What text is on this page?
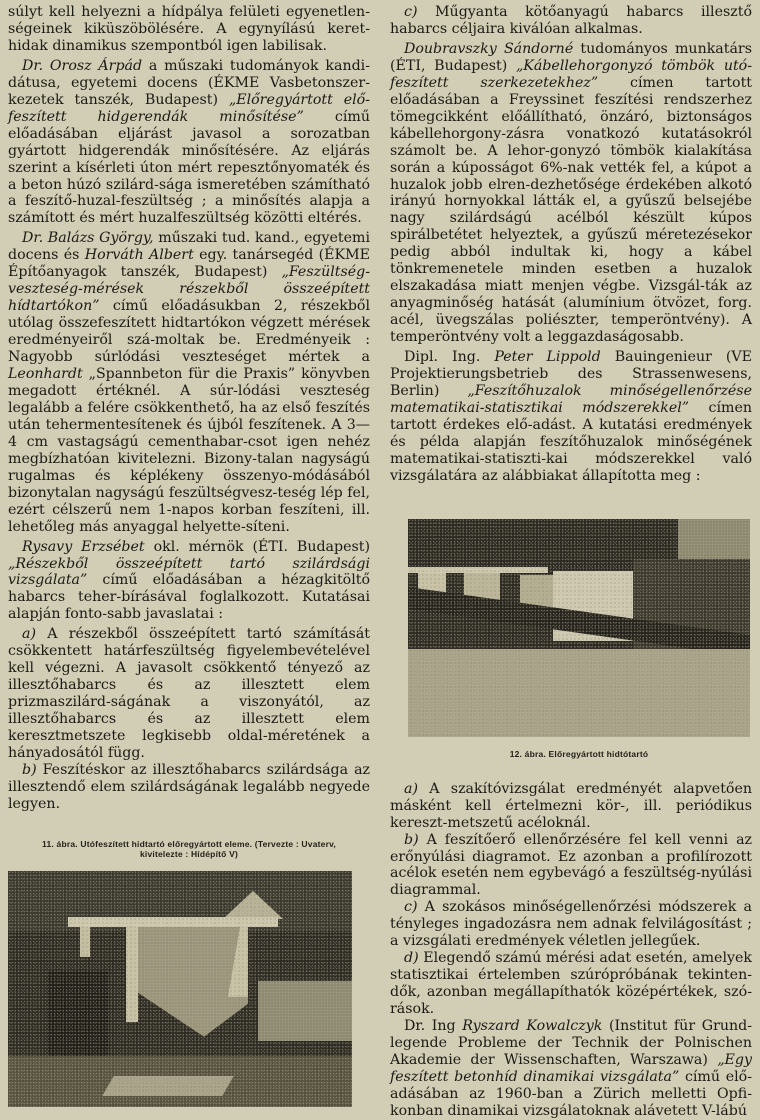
súlyt kell helyezni a hídpálya felületi egyenetlen-ségeinek kiküszöbölésére. A egynyílású keret-hidak dinamikus szempontból igen labilisak.

Dr. Orosz Árpád a műszaki tudományok kandi-dátusa, egyetemi docens (ÉKME Vasbetonszer-kezetek tanszék, Budapest) „Előregyártott elő-feszített hidgerendák minősítése” című előadásában eljárást javasol a sorozatban gyártott hidgerendák minősítésére. Az eljárás szerint a kísérleti úton mért repesztőnyomaték és a beton húzó szilárd-sága ismeretében számítható a feszítő-huzal-feszültség ; a minősítés alapja a számított és mért huzalfeszültség közötti eltérés.

Dr. Balázs György, műszaki tud. kand., egyetemi docens és Horváth Albert egy. tanársegéd (ÉKME Építőanyagok tanszék, Budapest) „Feszültség-veszteség-mérések részekből összeépített hídtartókon” című előadásukban 2, részekből utólag összefeszített hidtartókon végzett mérések eredményeiről szá-moltak be. Eredményeik : Nagyobb súrlódási veszteséget mértek a Leonhardt „Spannbeton für die Praxis” könyvben megadott értéknél. A súr-lódási veszteség legalább a felére csökkenthető, ha az első feszítés után tehermentesítenek és újból feszítenek. A 3—4 cm vastagságú cementhabar-csot igen nehéz megbízhatóan kivitelezni. Bizony-talan nagyságú rugalmas és képlékeny összenyo-módásából bizonytalan nagyságú feszültségvesz-teség lép fel, ezért célszerű nem 1-napos korban feszíteni, ill. lehetőleg más anyaggal helyette-síteni.

Rysavy Erzsébet okl. mérnök (ÉTI. Budapest) „Részekből összeépített tartó szilárdsági vizsgálata” című előadásában a hézagkitöltő habarcs teher-bírásával foglalkozott. Kutatásai alapján fonto-sabb javaslatai :

a) A részekből összeépített tartó számítását csökkentett határfeszültség figyelembevételével kell végezni. A javasolt csökkentő tényező az illesztőhabarcs és az illesztett elem prizmaszilárd-ságának a viszonyától, az illesztőhabarcs és az illesztett elem keresztmetszete legkisebb oldal-méretének a hányadosától függ.

b) Feszítéskor az illesztőhabarcs szilárdsága az illesztendő elem szilárdságának legalább negyede legyen.

11. ábra. Utófeszített hidtartó előregyártott eleme. (Tervezte : Uvaterv,
kivitelezte : Hídépítő V)

c) Műgyanta kötőanyagú habarcs illesztő habarcs céljaira kiválóan alkalmas.

Doubravszky Sándorné tudományos munkatárs (ÉTI, Budapest) „Kábellehorgonyzó tömbök utó-feszített szerkezetekhez” címen tartott előadásában a Freyssinet feszítési rendszerhez tömegcikként előállítható, önzáró, biztonságos kábellehorgony-zásra vonatkozó kutatásokról számolt be. A lehor-gonyzó tömbök kialakítása során a kúposságot 6%-nak vették fel, a kúpot a huzalok jobb elren-dezhetősége érdekében alkotó irányú hornyokkal látták el, a gyűszű belsejébe nagy szilárdságú acélból készült kúpos spirálbetétet helyeztek, a gyűszű méretezésekor pedig abból indultak ki, hogy a kábel tönkremenetele minden esetben a huzalok elszakadása miatt menjen végbe. Vizsgál-ták az anyagminőség hatását (alumínium ötvözet, forg. acél, üvegszálas poliészter, temperöntvény). A temperöntvény volt a leggazdaságosabb.

Dipl. Ing. Peter Lippold Bauingenieur (VE Projektierungsbetrieb des Strassenwesens, Berlin) „Feszítőhuzalok minőségellenőrzése matematikai-statisztikai módszerekkel” címen tartott érdekes elő-adást. A kutatási eredmények és példa alapján feszítőhuzalok minőségének matematikai-statiszti-kai módszerekkel való vizsgálatára az alábbiakat állapította meg :

12. ábra. Előregyártott hidtótartó

a) A szakítóvizsgálat eredményét alapvetően másként kell értelmezni kör-, ill. periódikus kereszt-metszetű acéloknál.

b) A feszítőerő ellenőrzésére fel kell venni az erőnyúlási diagramot. Ez azonban a profilírozott acélok esetén nem egybevágó a feszültség-nyúlási diagrammal.

c) A szokásos minőségellenőrzési módszerek a tényleges ingadozásra nem adnak felvilágosítást ; a vizsgálati eredmények véletlen jellegűek.

d) Elegendő számú mérési adat esetén, amelyek statisztikai értelemben szúrópróbának tekinten-dők, azonban megállapíthatók középértékek, szó-rások.

Dr. Ing Ryszard Kowalczyk (Institut für Grund-legende Probleme der Technik der Polnischen Akademie der Wissenschaften, Warszawa) „Egy feszített betonhíd dinamikai vizsgálata” című elő-adásában az 1960-ban a Zürich melletti Opfi-konban dinamikai vizsgálatoknak alávetett V-lábú
